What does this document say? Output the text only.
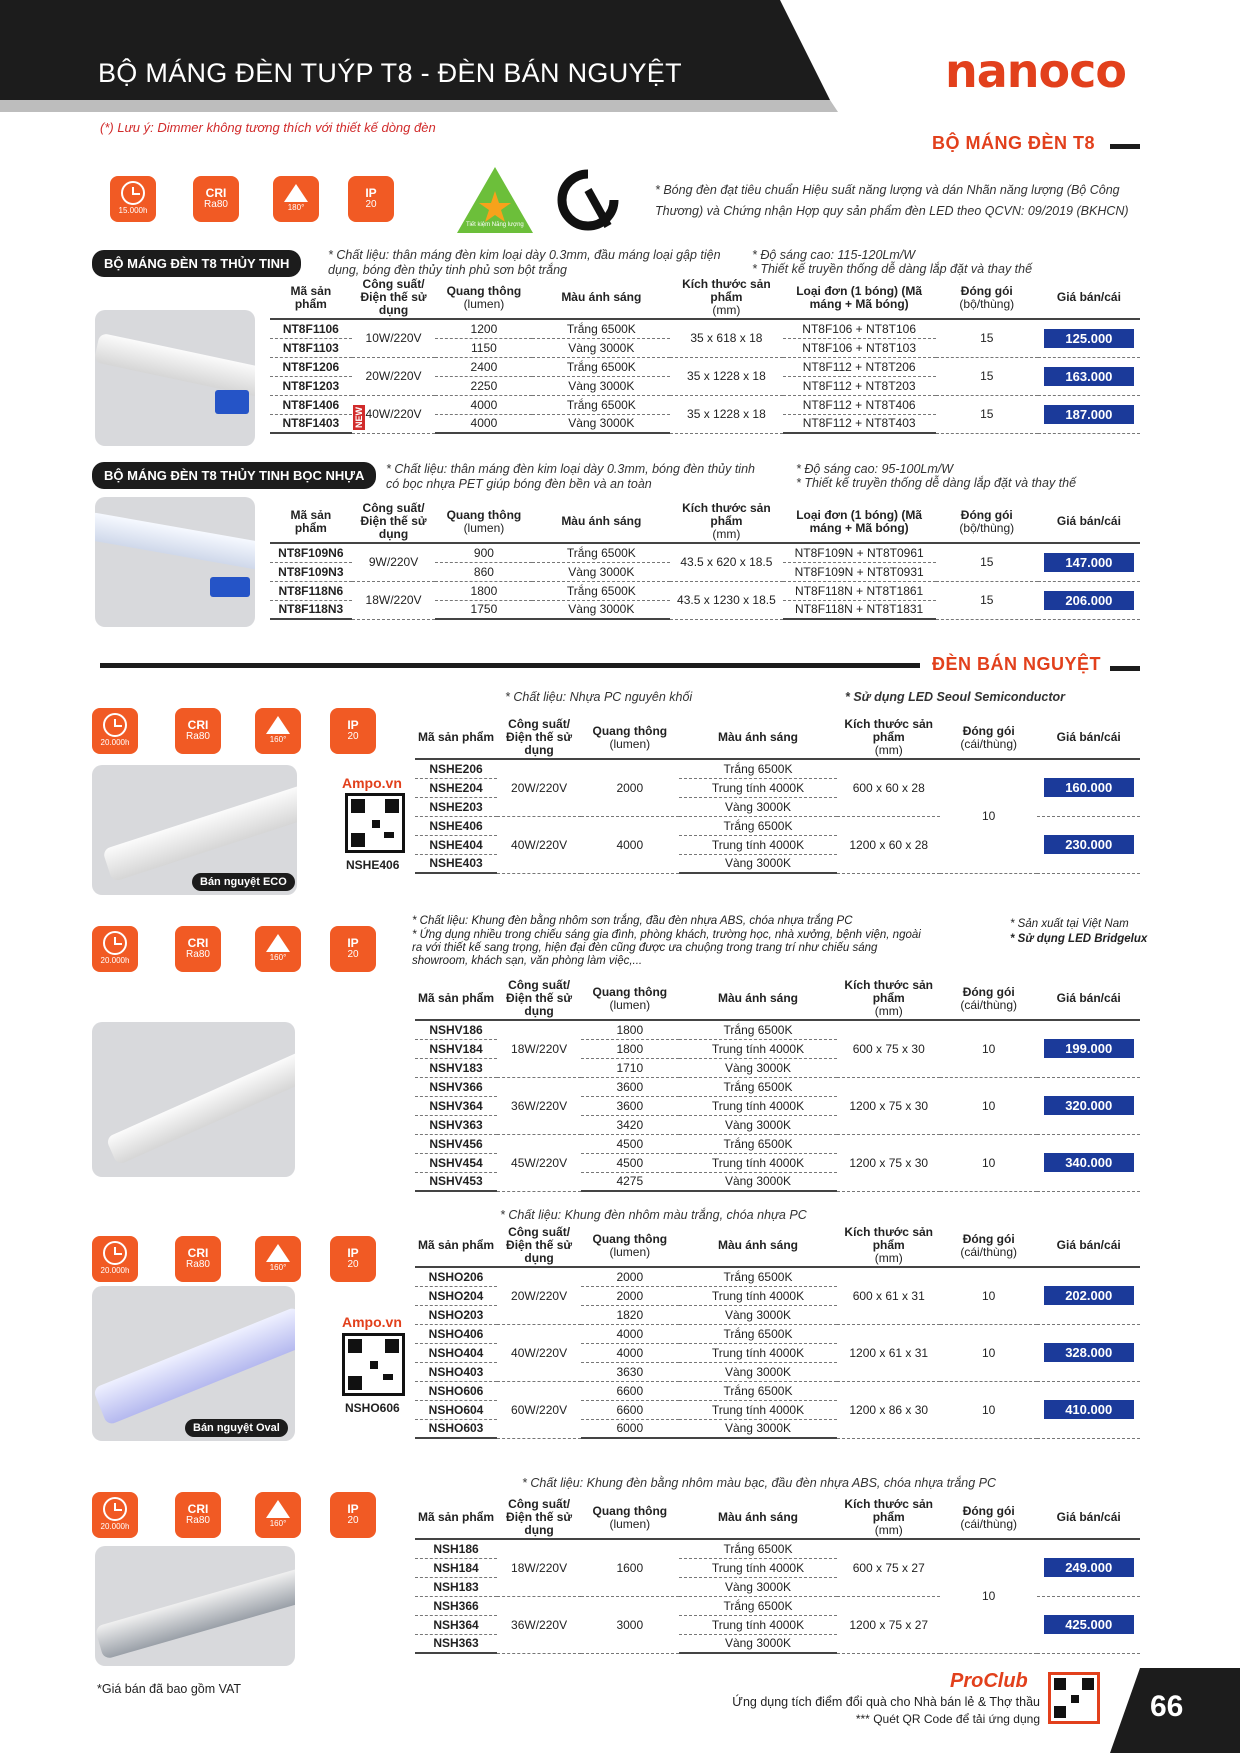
BỘ MÁNG ĐÈN TUÝP T8 - ĐÈN BÁN NGUYỆT	nanoco
(*) Lưu ý: Dimmer không tương thích với thiết kế dòng đèn
BỘ MÁNG ĐÈN T8
15.000h
CRI
Ra80	180°
IP
20
Tiết kiệm Năng lượng
* Bóng đèn đạt tiêu chuẩn Hiệu suất năng lượng và dán Nhãn năng lượng (Bộ Công Thương) và Chứng nhận Hợp quy sản phẩm đèn LED theo QCVN: 09/2019 (BKHCN)
BỘ MÁNG ĐÈN T8 THỦY TINH
* Chất liệu: thân máng đèn kim loại dày 0.3mm, đầu máng loại gập tiện dụng, bóng đèn thủy tinh phủ sơn bột trắng
* Độ sáng cao: 115-120Lm/W
* Thiết kế truyền thống dễ dàng lắp đặt và thay thế
Mã sản phẩm	Công suất/ Điện thế sử dụng	Quang thông
(lumen)	Màu ánh sáng	Kích thước sản phẩm
(mm)	Loại đơn (1 bóng) (Mã máng + Mã bóng)	Đóng gói
(bộ/thùng)	Giá bán/cái
NT8F1106	10W/220V	1200	Trắng 6500K	35 x 618 x 18	NT8F106 + NT8T106	15	125.000
NT8F1103		1150	Vàng 3000K		NT8F106 + NT8T103		
NT8F1206	20W/220V	2400	Trắng 6500K	35 x 1228 x 18	NT8F112 + NT8T206	15	163.000
NT8F1203		2250	Vàng 3000K		NT8F112 + NT8T203		
NT8F1406	40W/220V	4000	Trắng 6500K	35 x 1228 x 18	NT8F112 + NT8T406	15	187.000
NT8F1403		4000	Vàng 3000K		NT8F112 + NT8T403		
NEW
BỘ MÁNG ĐÈN T8 THỦY TINH BỌC NHỰA	* Chất liệu: thân máng đèn kim loại dày 0.3mm, bóng đèn thủy tinh có bọc nhựa PET giúp bóng đèn bền và an toàn
* Độ sáng cao: 95-100Lm/W
* Thiết kế truyền thống dễ dàng lắp đặt và thay thế
Mã sản phẩm	Công suất/ Điện thế sử dụng	Quang thông
(lumen)	Màu ánh sáng	Kích thước sản phẩm
(mm)	Loại đơn (1 bóng) (Mã máng + Mã bóng)	Đóng gói
(bộ/thùng)	Giá bán/cái
NT8F109N6	9W/220V	900	Trắng 6500K	43.5 x 620 x 18.5	NT8F109N + NT8T0961	15	147.000
NT8F109N3		860	Vàng 3000K		NT8F109N + NT8T0931		
NT8F118N6	18W/220V	1800	Trắng 6500K	43.5 x 1230 x 18.5	NT8F118N + NT8T1861	15	206.000
NT8F118N3		1750	Vàng 3000K		NT8F118N + NT8T1831		
ĐÈN BÁN NGUYỆT
20.000h
CRI
Ra80	160°
IP
20
* Chất liệu: Nhựa PC nguyên khối	* Sử dụng LED Seoul Semiconductor
Bán nguyệt ECO
Ampo.vn
NSHE406
Mã sản phẩm	Công suất/ Điện thế sử dụng	Quang thông
(lumen)	Màu ánh sáng	Kích thước sản phẩm
(mm)	Đóng gói
(cái/thùng)	Giá bán/cái
NSHE206	20W/220V	2000	Trắng 6500K	600 x 60 x 28	10	160.000
NSHE204			Trung tính 4000K			
NSHE203			Vàng 3000K			
NSHE406	40W/220V	4000	Trắng 6500K	1200 x 60 x 28		230.000
NSHE404			Trung tính 4000K			
NSHE403			Vàng 3000K			
20.000h
CRI
Ra80	160°
IP
20
* Chất liệu: Khung đèn bằng nhôm sơn trắng, đầu đèn nhựa ABS, chóa nhựa trắng PC
* Ứng dụng nhiều trong chiếu sáng gia đình, phòng khách, trường học, nhà xưởng, bệnh viện, ngoài ra với thiết kế sang trọng, hiện đại đèn cũng được ưa chuộng trong trang trí như chiếu sáng showroom, khách sạn, văn phòng làm việc,...
* Sản xuất tại Việt Nam
* Sử dụng LED Bridgelux
Mã sản phẩm	Công suất/ Điện thế sử dụng	Quang thông
(lumen)	Màu ánh sáng	Kích thước sản phẩm
(mm)	Đóng gói
(cái/thùng)	Giá bán/cái
NSHV186	18W/220V	1800	Trắng 6500K	600 x 75 x 30	10	199.000
NSHV184		1800	Trung tính 4000K			
NSHV183		1710	Vàng 3000K			
NSHV366	36W/220V	3600	Trắng 6500K	1200 x 75 x 30	10	320.000
NSHV364		3600	Trung tính 4000K			
NSHV363		3420	Vàng 3000K			
NSHV456	45W/220V	4500	Trắng 6500K	1200 x 75 x 30	10	340.000
NSHV454		4500	Trung tính 4000K			
NSHV453		4275	Vàng 3000K			
* Chất liệu: Khung đèn nhôm màu trắng, chóa nhựa PC
20.000h
CRI
Ra80	160°
IP
20
Bán nguyệt Oval
Ampo.vn
NSHO606
Mã sản phẩm	Công suất/ Điện thế sử dụng	Quang thông
(lumen)	Màu ánh sáng	Kích thước sản phẩm
(mm)	Đóng gói
(cái/thùng)	Giá bán/cái
NSHO206	20W/220V	2000	Trắng 6500K	600 x 61 x 31	10	202.000
NSHO204		2000	Trung tính 4000K			
NSHO203		1820	Vàng 3000K			
NSHO406	40W/220V	4000	Trắng 6500K	1200 x 61 x 31	10	328.000
NSHO404		4000	Trung tính 4000K			
NSHO403		3630	Vàng 3000K			
NSHO606	60W/220V	6600	Trắng 6500K	1200 x 86 x 30	10	410.000
NSHO604		6600	Trung tính 4000K			
NSHO603		6000	Vàng 3000K			
* Chất liệu: Khung đèn bằng nhôm màu bạc, đầu đèn nhựa ABS, chóa nhựa trắng PC
20.000h
CRI
Ra80	160°
IP
20	Mã sản phẩm	Công suất/ Điện thế sử dụng	Quang thông
(lumen)	Màu ánh sáng	Kích thước sản phẩm
(mm)	Đóng gói
(cái/thùng)	Giá bán/cái
NSH186	18W/220V	1600	Trắng 6500K	600 x 75 x 27	10	249.000
NSH184			Trung tính 4000K			
NSH183			Vàng 3000K			
NSH366	36W/220V	3000	Trắng 6500K	1200 x 75 x 27		425.000
NSH364			Trung tính 4000K			
NSH363			Vàng 3000K			
*Giá bán đã bao gồm VAT	ProClub
Ứng dụng tích điểm đổi quà cho Nhà bán lẻ & Thợ thầu
*** Quét QR Code để tải ứng dụng	66
